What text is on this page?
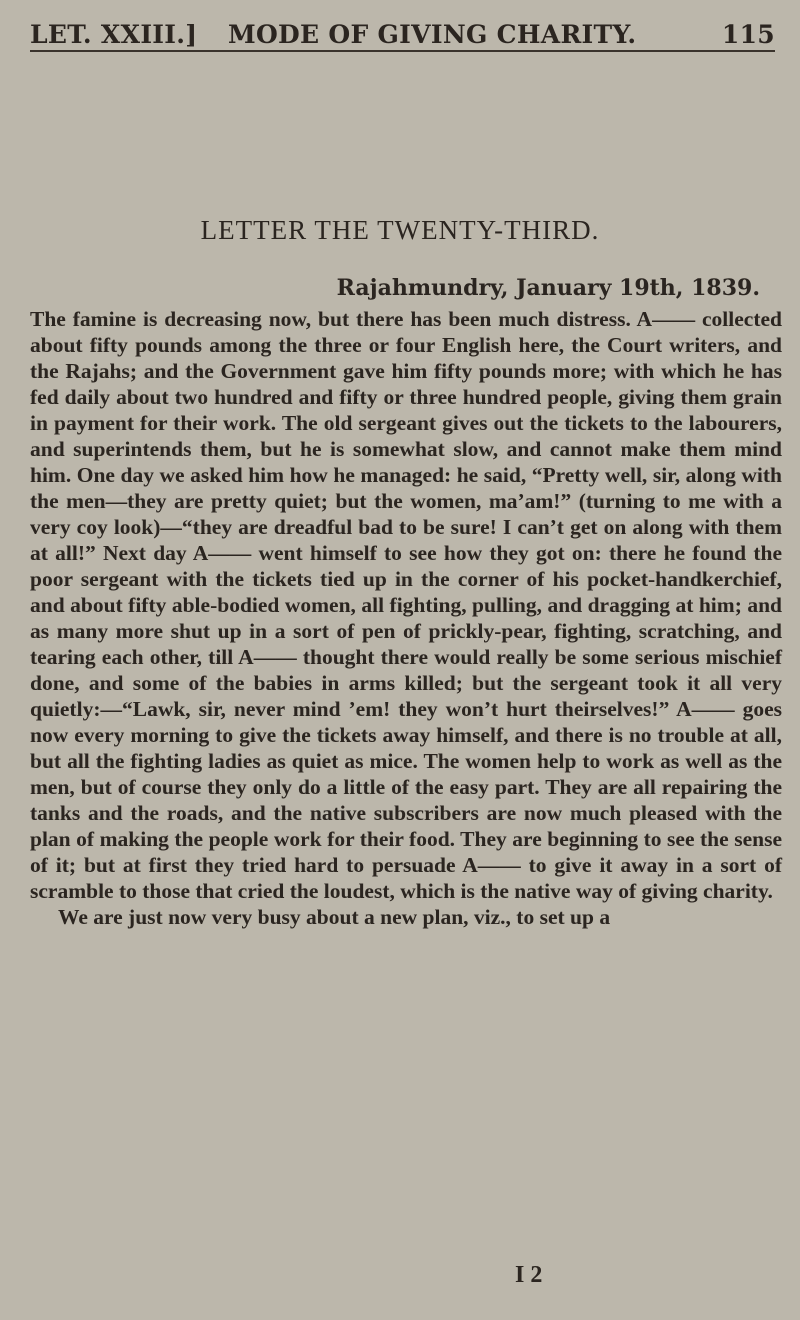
LET. XXIII.] MODE OF GIVING CHARITY.	115
LETTER THE TWENTY-THIRD.
Rajahmundry, January 19th, 1839.

The famine is decreasing now, but there has been much distress. A—— collected about fifty pounds among the three or four English here, the Court writers, and the Rajahs; and the Government gave him fifty pounds more; with which he has fed daily about two hundred and fifty or three hundred people, giving them grain in payment for their work. The old sergeant gives out the tickets to the labourers, and superintends them, but he is somewhat slow, and cannot make them mind him. One day we asked him how he managed: he said, “Pretty well, sir, along with the men—they are pretty quiet; but the women, ma’am!” (turning to me with a very coy look)—“they are dreadful bad to be sure! I can’t get on along with them at all!” Next day A—— went himself to see how they got on: there he found the poor sergeant with the tickets tied up in the corner of his pocket-handkerchief, and about fifty able-bodied women, all fighting, pulling, and dragging at him; and as many more shut up in a sort of pen of prickly-pear, fighting, scratching, and tearing each other, till A—— thought there would really be some serious mischief done, and some of the babies in arms killed; but the sergeant took it all very quietly:—“Lawk, sir, never mind ’em! they won’t hurt theirselves!” A—— goes now every morning to give the tickets away himself, and there is no trouble at all, but all the fighting ladies as quiet as mice. The women help to work as well as the men, but of course they only do a little of the easy part. They are all repairing the tanks and the roads, and the native subscribers are now much pleased with the plan of making the people work for their food. They are beginning to see the sense of it; but at first they tried hard to persuade A—— to give it away in a sort of scramble to those that cried the loudest, which is the native way of giving charity.

We are just now very busy about a new plan, viz., to set up a

I 2
